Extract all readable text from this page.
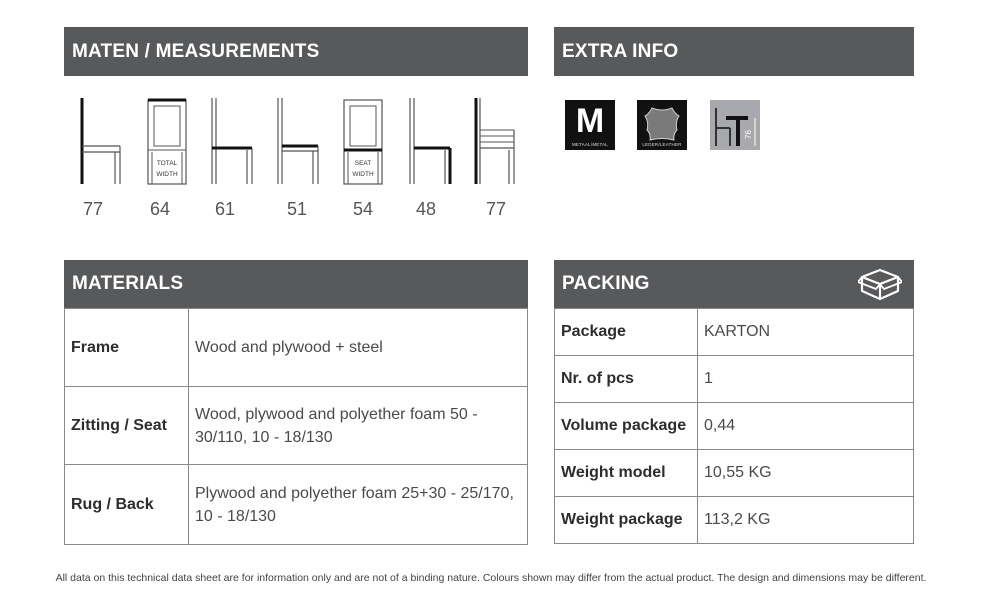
MATEN / MEASUREMENTS
TOTAL
WIDTH
SEAT
WIDTH
77	64	61	51	54	48	77
EXTRA INFO
M
METAAL/METAL	LEDER/LEATHER
76
MATERIALS
Frame	Wood and plywood + steel
Zitting / Seat	Wood, plywood and polyether foam 50 - 30/110, 10 - 18/130
Rug / Back	Plywood and polyether foam 25+30 - 25/170, 10 - 18/130
PACKING
Package	KARTON
Nr. of pcs	1
Volume package	0,44
Weight model	10,55 KG
Weight package	113,2 KG
All data on this technical data sheet are for information only and are not of a binding nature. Colours shown may differ from the actual product. The design and dimensions may be different.
